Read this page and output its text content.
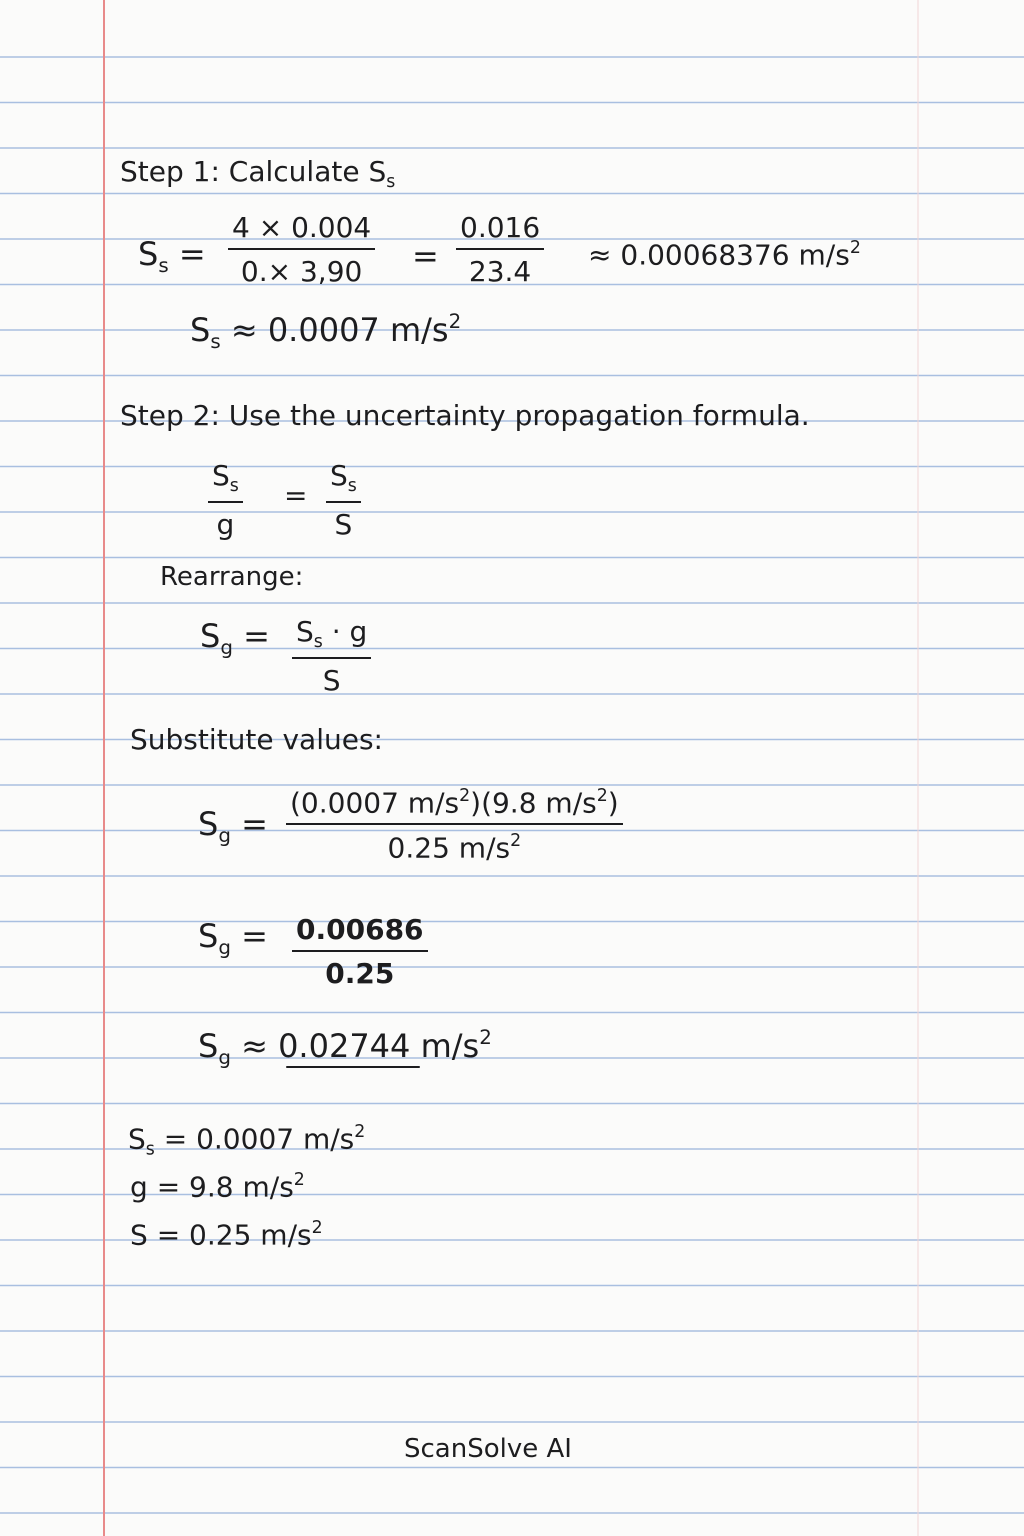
Step 1: Calculate $S_s$
$S_s$ =
4 × 0.004
0.× 3,90 =
0.016
23.4
≈ 0.00068376 $m/s^2$
$S_s \approx 0.0007$ $m/s^2$
Step 2: Use the uncertainty propagation formula.
$S_s$
g
=
$S_s$
S
Rearrange:
$S_g = S_s \cdot g$
S
Substitute values:
$S_g$ =
(0.0007 $m/s^2)(9.8$ $m/s^2$)
0.25 $m/s^2$
$S_g = 0.00686$
0.25
$S_g \approx 0.02744$ $m/s^2$
$S_s = 0.0007$ $m/s^2$
g = 9.8 $m/s^2$
S = 0.25 $m/s^2$
ScanSolve AI
